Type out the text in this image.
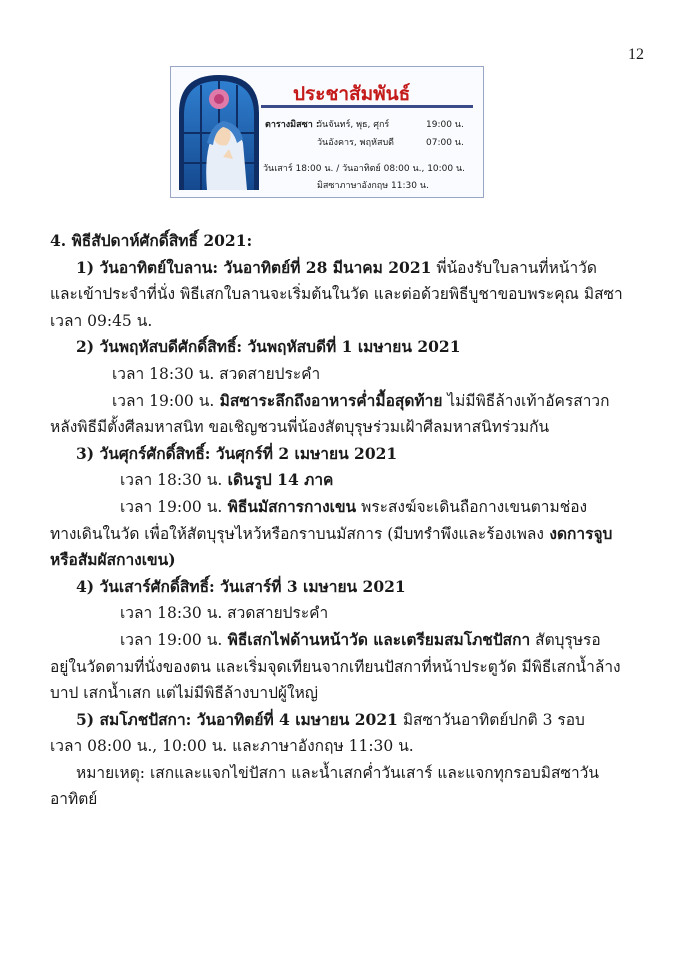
12
ประชาสัมพันธ์
ตารางมิสซา :
วันจันทร์, พุธ, ศุกร์	19:00 น.
วันอังคาร, พฤหัสบดี	07:00 น.
วันเสาร์ 18:00 น. / วันอาทิตย์ 08:00 น., 10:00 น.
มิสซาภาษาอังกฤษ 11:30 น.
4. พิธีสัปดาห์ศักดิ์สิทธิ์ 2021:
1) วันอาทิตย์ใบลาน: วันอาทิตย์ที่ 28 มีนาคม 2021 พี่น้องรับใบลานที่หน้าวัด
และเข้าประจำที่นั่ง พิธีเสกใบลานจะเริ่มต้นในวัด และต่อด้วยพิธีบูชาขอบพระคุณ มิสซา
เวลา 09:45 น.
2) วันพฤหัสบดีศักดิ์สิทธิ์: วันพฤหัสบดีที่ 1 เมษายน 2021
เวลา 18:30 น. สวดสายประคำ
เวลา 19:00 น. มิสซาระลึกถึงอาหารค่ำมื้อสุดท้าย ไม่มีพิธีล้างเท้าอัครสาวก
หลังพิธีมีตั้งศีลมหาสนิท ขอเชิญชวนพี่น้องสัตบุรุษร่วมเฝ้าศีลมหาสนิทร่วมกัน
3) วันศุกร์ศักดิ์สิทธิ์: วันศุกร์ที่ 2 เมษายน 2021
เวลา 18:30 น. เดินรูป 14 ภาค
เวลา 19:00 น. พิธีนมัสการกางเขน พระสงฆ์จะเดินถือกางเขนตามช่อง
ทางเดินในวัด เพื่อให้สัตบุรุษไหว้หรือกราบนมัสการ (มีบทรำพึงและร้องเพลง งดการจูบ
หรือสัมผัสกางเขน)
4) วันเสาร์ศักดิ์สิทธิ์: วันเสาร์ที่ 3 เมษายน 2021
เวลา 18:30 น. สวดสายประคำ
เวลา 19:00 น. พิธีเสกไฟด้านหน้าวัด และเตรียมสมโภชปัสกา สัตบุรุษรอ
อยู่ในวัดตามที่นั่งของตน และเริ่มจุดเทียนจากเทียนปัสกาที่หน้าประตูวัด มีพิธีเสกน้ำล้าง
บาป เสกน้ำเสก แต่ไม่มีพิธีล้างบาปผู้ใหญ่
5) สมโภชปัสกา: วันอาทิตย์ที่ 4 เมษายน 2021 มิสซาวันอาทิตย์ปกติ 3 รอบ
เวลา 08:00 น., 10:00 น. และภาษาอังกฤษ 11:30 น.
หมายเหตุ: เสกและแจกไข่ปัสกา และน้ำเสกค่ำวันเสาร์ และแจกทุกรอบมิสซาวัน
อาทิตย์
